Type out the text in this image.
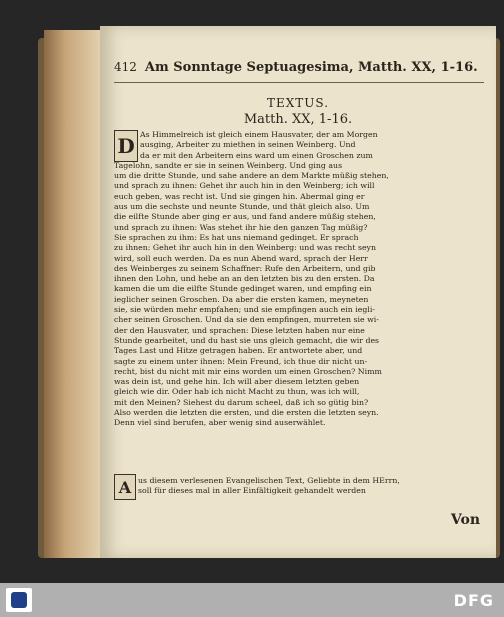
412 Am Sonntage Septuagesima, Matth. XX, 1-16.
TEXTUS.
Matth. XX, 1-16.
D As Himmelreich ist gleich einem Hausvater, der am Morgen
ausging, Arbeiter zu miethen in seinen Weinberg. Und
da er mit den Arbeitern eins ward um einen Groschen zum
Tagelohn, sandte er sie in seinen Weinberg. Und ging aus
um die dritte Stunde, und sahe andere an dem Markte müßig stehen,
und sprach zu ihnen: Gehet ihr auch hin in den Weinberg; ich will
euch geben, was recht ist. Und sie gingen hin. Abermal ging er
aus um die sechste und neunte Stunde, und thät gleich also. Um
die eilfte Stunde aber ging er aus, und fand andere müßig stehen,
und sprach zu ihnen: Was stehet ihr hie den ganzen Tag müßig?
Sie sprachen zu ihm: Es hat uns niemand gedinget. Er sprach
zu ihnen: Gehet ihr auch hin in den Weinberg: und was recht seyn
wird, soll euch werden. Da es nun Abend ward, sprach der Herr
des Weinberges zu seinem Schaffner: Rufe den Arbeitern, und gib
ihnen den Lohn, und hebe an an den letzten bis zu den ersten. Da
kamen die um die eilfte Stunde gedinget waren, und empfing ein
ieglicher seinen Groschen. Da aber die ersten kamen, meyneten
sie, sie würden mehr empfahen; und sie empfingen auch ein iegli-
cher seinen Groschen. Und da sie den empfingen, murreten sie wi-
der den Hausvater, und sprachen: Diese letzten haben nur eine
Stunde gearbeitet, und du hast sie uns gleich gemacht, die wir des
Tages Last und Hitze getragen haben. Er antwortete aber, und
sagte zu einem unter ihnen: Mein Freund, ich thue dir nicht un-
recht, bist du nicht mit mir eins worden um einen Groschen? Nimm
was dein ist, und gehe hin. Ich will aber diesem letzten geben
gleich wie dir. Oder hab ich nicht Macht zu thun, was ich will,
mit den Meinen? Siehest du darum scheel, daß ich so gütig bin?
Also werden die letzten die ersten, und die ersten die letzten seyn.
Denn viel sind berufen, aber wenig sind auserwählet.
A us diesem verlesenen Evangelischen Text, Geliebte in dem HErrn,
soll für dieses mal in aller Einfältigkeit gehandelt werden
Von
DFG
